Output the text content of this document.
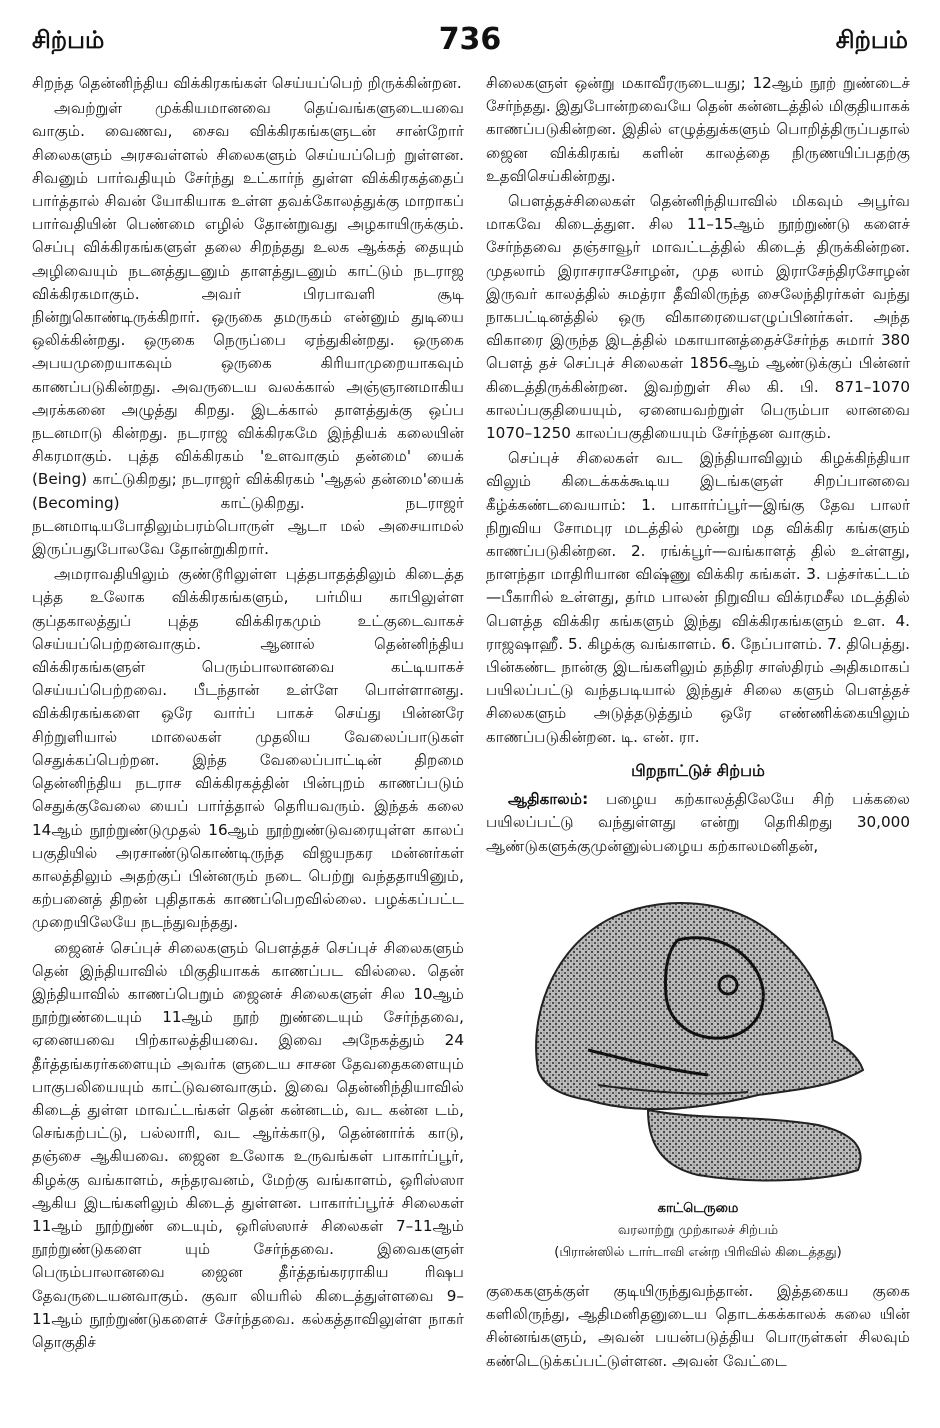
சிற்பம்	736	சிற்பம்

சிறந்த தென்னிந்திய விக்கிரகங்கள் செய்யப்பெற் றிருக்கின்றன.

அவற்றுள் முக்கியமானவை தெய்வங்களுடையவை வாகும். வைணவ, சைவ விக்கிரகங்களுடன் சான்றோர் சிலைகளும் அரசவள்ளல் சிலைகளும் செய்யப்பெற் றுள்ளன. சிவனும் பார்வதியும் சேர்ந்து உட்கார்ந் துள்ள விக்கிரகத்தைப் பார்த்தால் சிவன் யோகியாக உள்ள தவக்கோலத்துக்கு மாறாகப் பார்வதியின் பெண்மை எழில் தோன்றுவது அழகாயிருக்கும். செப்பு விக்கிரகங்களுள் தலை சிறந்தது உலக ஆக்கத் தையும் அழிவையும் நடனத்துடனும் தாளத்துடனும் காட்டும் நடராஜ விக்கிரகமாகும். அவர் பிரபாவளி சூடி நின்றுகொண்டிருக்கிறார். ஒருகை தமருகம் என்னும் துடியை ஒலிக்கின்றது. ஒருகை நெருப்பை ஏந்துகின்றது. ஒருகை அபயமுறையாகவும் ஒருகை கிரியாமுறையாகவும் காணப்படுகின்றது. அவருடைய வலக்கால் அஞ்ஞானமாகிய அரக்கனை அழுத்து கிறது. இடக்கால் தாளத்துக்கு ஒப்ப நடனமாடு கின்றது. நடராஜ விக்கிரகமே இந்தியக் கலையின் சிகரமாகும். புத்த விக்கிரகம் 'உளவாகும் தன்மை' யைக் (Being) காட்டுகிறது; நடராஜர் விக்கிரகம் 'ஆதல் தன்மை'யைக் (Becoming) காட்டுகிறது. நடராஜர் நடனமாடியபோதிலும்பரம்பொருள் ஆடா மல் அசையாமல் இருப்பதுபோலவே தோன்றுகிறார்.

அமராவதியிலும் குண்டூரிலுள்ள புத்தபாதத்திலும் கிடைத்த புத்த உலோக விக்கிரகங்களும், பர்மிய காபிலுள்ள குப்தகாலத்துப் புத்த விக்கிரகமும் உட்குடைவாகச் செய்யப்பெற்றனவாகும். ஆனால் தென்னிந்திய விக்கிரகங்களுள் பெரும்பாலானவை கட்டியாகச் செய்யப்பெற்றவை. பீடந்தான் உள்ளே பொள்ளானது. விக்கிரகங்களை ஒரே வார்ப் பாகச் செய்து பின்னரே சிற்றுளியால் மாலைகள் முதலிய வேலைப்பாடுகள் செதுக்கப்பெற்றன. இந்த வேலைப்பாட்டின் திறமை தென்னிந்திய நடராச விக்கிரகத்தின் பின்புறம் காணப்படும் செதுக்குவேலை யைப் பார்த்தால் தெரியவரும். இந்தக் கலை 14ஆம் நூற்றுண்டுமுதல் 16ஆம் நூற்றுண்டுவரையுள்ள காலப் பகுதியில் அரசாண்டுகொண்டிருந்த விஜயநகர மன்னர்கள் காலத்திலும் அதற்குப் பின்னரும் நடை பெற்று வந்ததாயினும், கற்பனைத் திறன் புதிதாகக் காணப்பெறவில்லை. பழக்கப்பட்ட முறையிலேயே நடந்துவந்தது.

ஜைனச் செப்புச் சிலைகளும் பௌத்தச் செப்புச் சிலைகளும் தென் இந்தியாவில் மிகுதியாகக் காணப்பட வில்லை. தென் இந்தியாவில் காணப்பெறும் ஜைனச் சிலைகளுள் சில 10ஆம் நூற்றுண்டையும் 11ஆம் நூற் றுண்டையும் சேர்ந்தவை, ஏனையவை பிற்காலத்தியவை. இவை அநேகத்தும் 24 தீர்த்தங்கரர்களையும் அவர்க ளுடைய சாசன தேவதைகளையும் பாகுபலியையும் காட்டுவனவாகும். இவை தென்னிந்தியாவில் கிடைத் துள்ள மாவட்டங்கள் தென் கன்னடம், வட கன்ன டம், செங்கற்பட்டு, பல்லாரி, வட ஆர்க்காடு, தென்னார்க் காடு, தஞ்சை ஆகியவை. ஜைன உலோக உருவங்கள் பாகார்ப்பூர், கிழக்கு வங்காளம், சுந்தரவனம், மேற்கு வங்காளம், ஒரிஸ்ஸா ஆகிய இடங்களிலும் கிடைத் துள்ளன. பாகார்ப்பூர்ச் சிலைகள் 11ஆம் நூற்றுண் டையும், ஒரிஸ்ஸாச் சிலைகள் 7–11ஆம் நூற்றுண்டுகளை யும் சேர்ந்தவை. இவைகளுள் பெரும்பாலானவை ஜைன தீர்த்தங்கரராகிய ரிஷப தேவருடையனவாகும். குவா லியரில் கிடைத்துள்ளவை 9–11ஆம் நூற்றுண்டுகளைச் சேர்ந்தவை. கல்கத்தாவிலுள்ள நாகர் தொகுதிச்

சிலைகளுள் ஒன்று மகாவீரருடையது; 12ஆம் நூற் றுண்டைச் சேர்ந்தது. இதுபோன்றவையே தென் கன்னடத்தில் மிகுதியாகக் காணப்படுகின்றன. இதில் எழுத்துக்களும் பொறித்திருப்பதால் ஜைன விக்கிரகங் களின் காலத்தை நிருணயிப்பதற்கு உதவிசெய்கின்றது.

பௌத்தச்சிலைகள் தென்னிந்தியாவில் மிகவும் அபூர்வ மாகவே கிடைத்துள. சில 11–15ஆம் நூற்றுண்டு களைச் சேர்ந்தவை தஞ்சாவூர் மாவட்டத்தில் கிடைத் திருக்கின்றன. முதலாம் இராசராசசோழன், முத லாம் இராசேந்திரசோழன் இருவர் காலத்தில் சுமத்ரா தீவிலிருந்த சைலேந்திரர்கள் வந்து நாகபட்டினத்தில் ஒரு விகாரையைஎழுப்பினர்கள். அந்த விகாரை இருந்த இடத்தில் மகாயானத்தைச்சேர்ந்த சுமார் 380 பௌத் தச் செப்புச் சிலைகள் 1856ஆம் ஆண்டுக்குப் பின்னர் கிடைத்திருக்கின்றன. இவற்றுள் சில கி. பி. 871–1070 காலப்பகுதியையும், ஏனையவற்றுள் பெரும்பா லானவை 1070–1250 காலப்பகுதியையும் சேர்ந்தன வாகும்.

செப்புச் சிலைகள் வட இந்தியாவிலும் கிழக்கிந்தியா விலும் கிடைக்கக்கூடிய இடங்களுள் சிறப்பானவை கீழ்க்கண்டவையாம்: 1. பாகார்ப்பூர்—இங்கு தேவ பாலர் நிறுவிய சோமபுர மடத்தில் மூன்று மத விக்கிர கங்களும் காணப்படுகின்றன. 2. ரங்க்பூர்—வங்காளத் தில் உள்ளது, நாளந்தா மாதிரியான விஷ்ணு விக்கிர கங்கள். 3. பத்சர்கட்டம்—பீகாரில் உள்ளது, தர்ம பாலன் நிறுவிய விக்ரமசீல மடத்தில் பௌத்த விக்கிர கங்களும் இந்து விக்கிரகங்களும் உள. 4. ராஜஷாஹீ. 5. கிழக்கு வங்காளம். 6. நேப்பாளம். 7. திபெத்து. பின்கண்ட நான்கு இடங்களிலும் தந்திர சாஸ்திரம் அதிகமாகப் பயிலப்பட்டு வந்தபடியால் இந்துச் சிலை களும் பௌத்தச் சிலைகளும் அடுத்தடுத்தும் ஒரே எண்ணிக்கையிலும் காணப்படுகின்றன. டி. என். ரா.

பிறநாட்டுச் சிற்பம்

ஆதிகாலம்: பழைய கற்காலத்திலேயே சிற் பக்கலை பயிலப்பட்டு வந்துள்ளது என்று தெரிகிறது 30,000 ஆண்டுகளுக்குமுன்னுல்பழைய கற்காலமனிதன்,

காட்டெருமை
வரலாற்று முற்காலச் சிற்பம்
(பிரான்ஸில் டார்டாவி என்ற பிரிவில் கிடைத்தது)

குகைகளுக்குள் குடியிருந்துவந்தான். இத்தகைய குகை களிலிருந்து, ஆதிமனிதனுடைய தொடக்கக்காலக் கலை யின் சின்னங்களும், அவன் பயன்படுத்திய பொருள்கள் சிலவும் கண்டெடுக்கப்பட்டுள்ளன. அவன் வேட்டை
